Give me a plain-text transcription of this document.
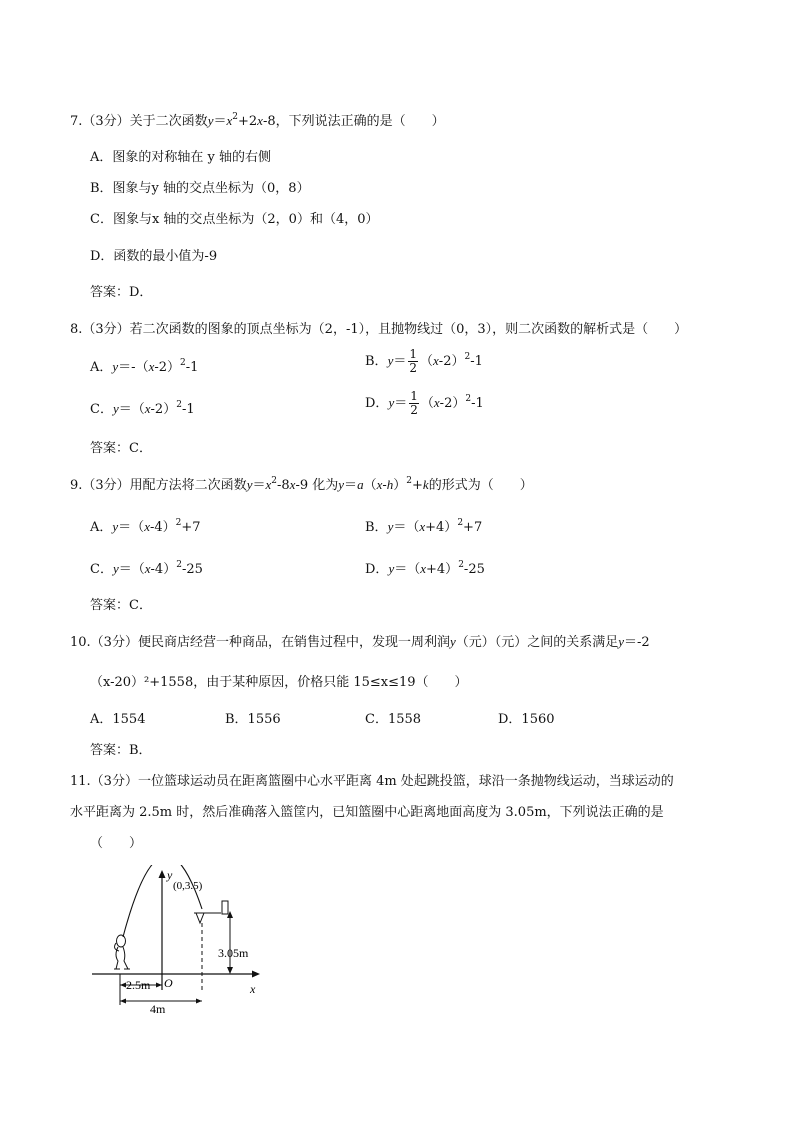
7.（3分）关于二次函数$y=x^2+2x-8$，下列说法正确的是（　　）
A．图象的对称轴在 y 轴的右侧
B．图象与y 轴的交点坐标为（0，8）
C．图象与x 轴的交点坐标为（2，0）和（4，0）
D．函数的最小值为-9
答案：D．
8.（3分）若二次函数的图象的顶点坐标为（2，-1），且抛物线过（0，3），则二次函数的解析式是（　　）
A．$y=-(x-2)^2-1$	B．$y= \frac{1}{2} (x-2)^2-1$
C．$y=(x-2)^2-1$	D．$y= \frac{1}{2} (x-2)^2-1$
答案：C．
9.（3分）用配方法将二次函数$y=x^2-8x-9$ 化为$y=a(x-h)^2+k$的形式为（　　）
A．$y=(x-4)^2+7$	B．$y=(x+4)^2+7$
C．$y=(x-4)^2-25$	D．$y=(x+4)^2-25$
答案：C．
10.（3分）便民商店经营一种商品，在销售过程中，发现一周利润y（元）（元）之间的关系满足y＝-2
（x-20）²+1558，由于某种原因，价格只能 15≤x≤19（　　）
A．1554	B．1556	C．1558	D．1560
答案：B．
11.（3分）一位篮球运动员在距离篮圈中心水平距离 4m 处起跳投篮，球沿一条抛物线运动，当球运动的
水平距离为 2.5m 时，然后准确落入篮筐内，已知篮圈中心距离地面高度为 3.05m，下列说法正确的是
（　　）
y
x
O
(0,3.5)
3.05m
2.5m
4m
